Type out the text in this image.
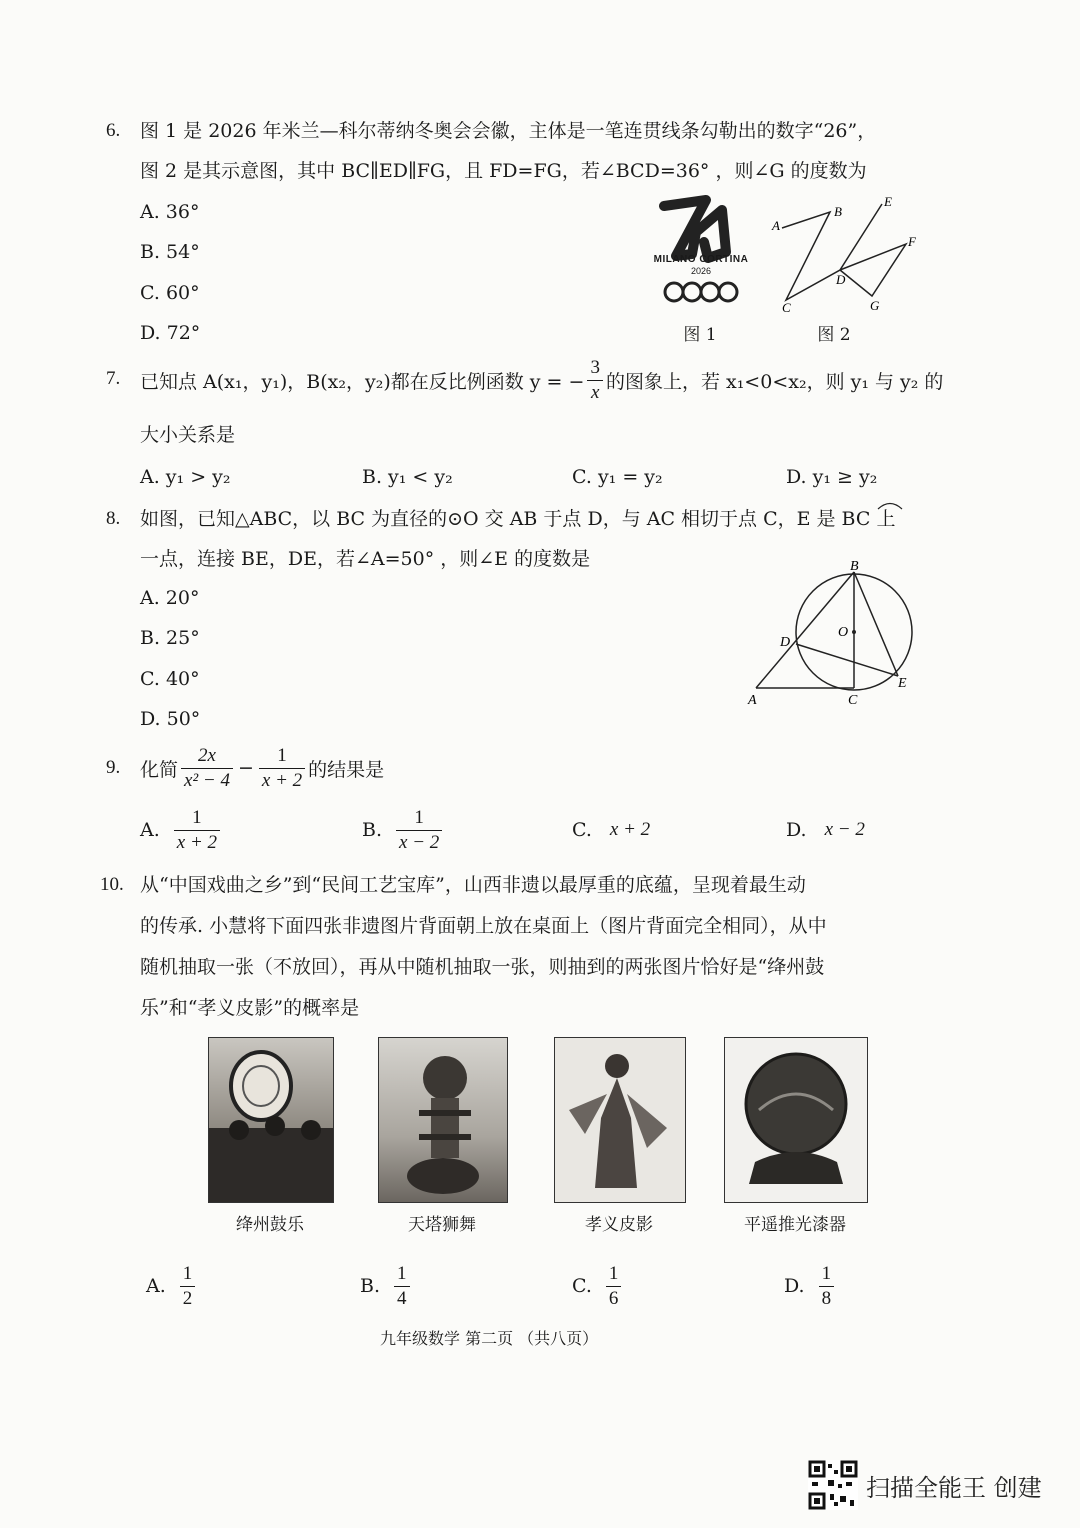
6. 图 1 是 2026 年米兰—科尔蒂纳冬奥会会徽，主体是一笔连贯线条勾勒出的数字“26”，
图 2 是其示意图，其中 BC∥ED∥FG，且 FD=FG，若∠BCD=36° ，则∠G 的度数为
A. 36°
B. 54°
C. 60°
D. 72°
MILANO CORTINA
2026
图 1
A
B
E
F
D
C	G
图 2
7. 已知点 A(x₁，y₁)，B(x₂，y₂)都在反比例函数 y = − $\frac{3}{x}$ 的图象上，若 x₁<0<x₂，则 y₁ 与 y₂ 的
大小关系是
A. y₁ > y₂	B. y₁ < y₂	C. y₁ = y₂	D. y₁ ≥ y₂
8. 如图，已知△ABC，以 BC 为直径的⊙O 交 AB 于点 D，与 AC 相切于点 C，E 是 BC 上
一点，连接 BE，DE，若∠A=50° ，则∠E 的度数是
A. 20°
B. 25°
C. 40°
D. 50°
B
O
D
E
A	C
9. 化简 $\frac{2x}{\text{x² − 4}} - \frac{1}{x + 2}$ 的结果是
A. $\frac{1}{x + 2}$	B. $\frac{1}{x - 2}$	C. x + 2	D. x − 2
10. 从“中国戏曲之乡”到“民间工艺宝库”，山西非遗以最厚重的底蕴，呈现着最生动
的传承. 小慧将下面四张非遗图片背面朝上放在桌面上（图片背面完全相同），从中
随机抽取一张（不放回），再从中随机抽取一张，则抽到的两张图片恰好是“绛州鼓
乐”和“孝义皮影”的概率是
绛州鼓乐	天塔狮舞	孝义皮影	平遥推光漆器
A. $\frac{1}{2}$	B. $\frac{1}{4}$	C. $\frac{1}{6}$	D. $\frac{1}{8}$
九年级数学 第二页 （共八页）
扫描全能王 创建
